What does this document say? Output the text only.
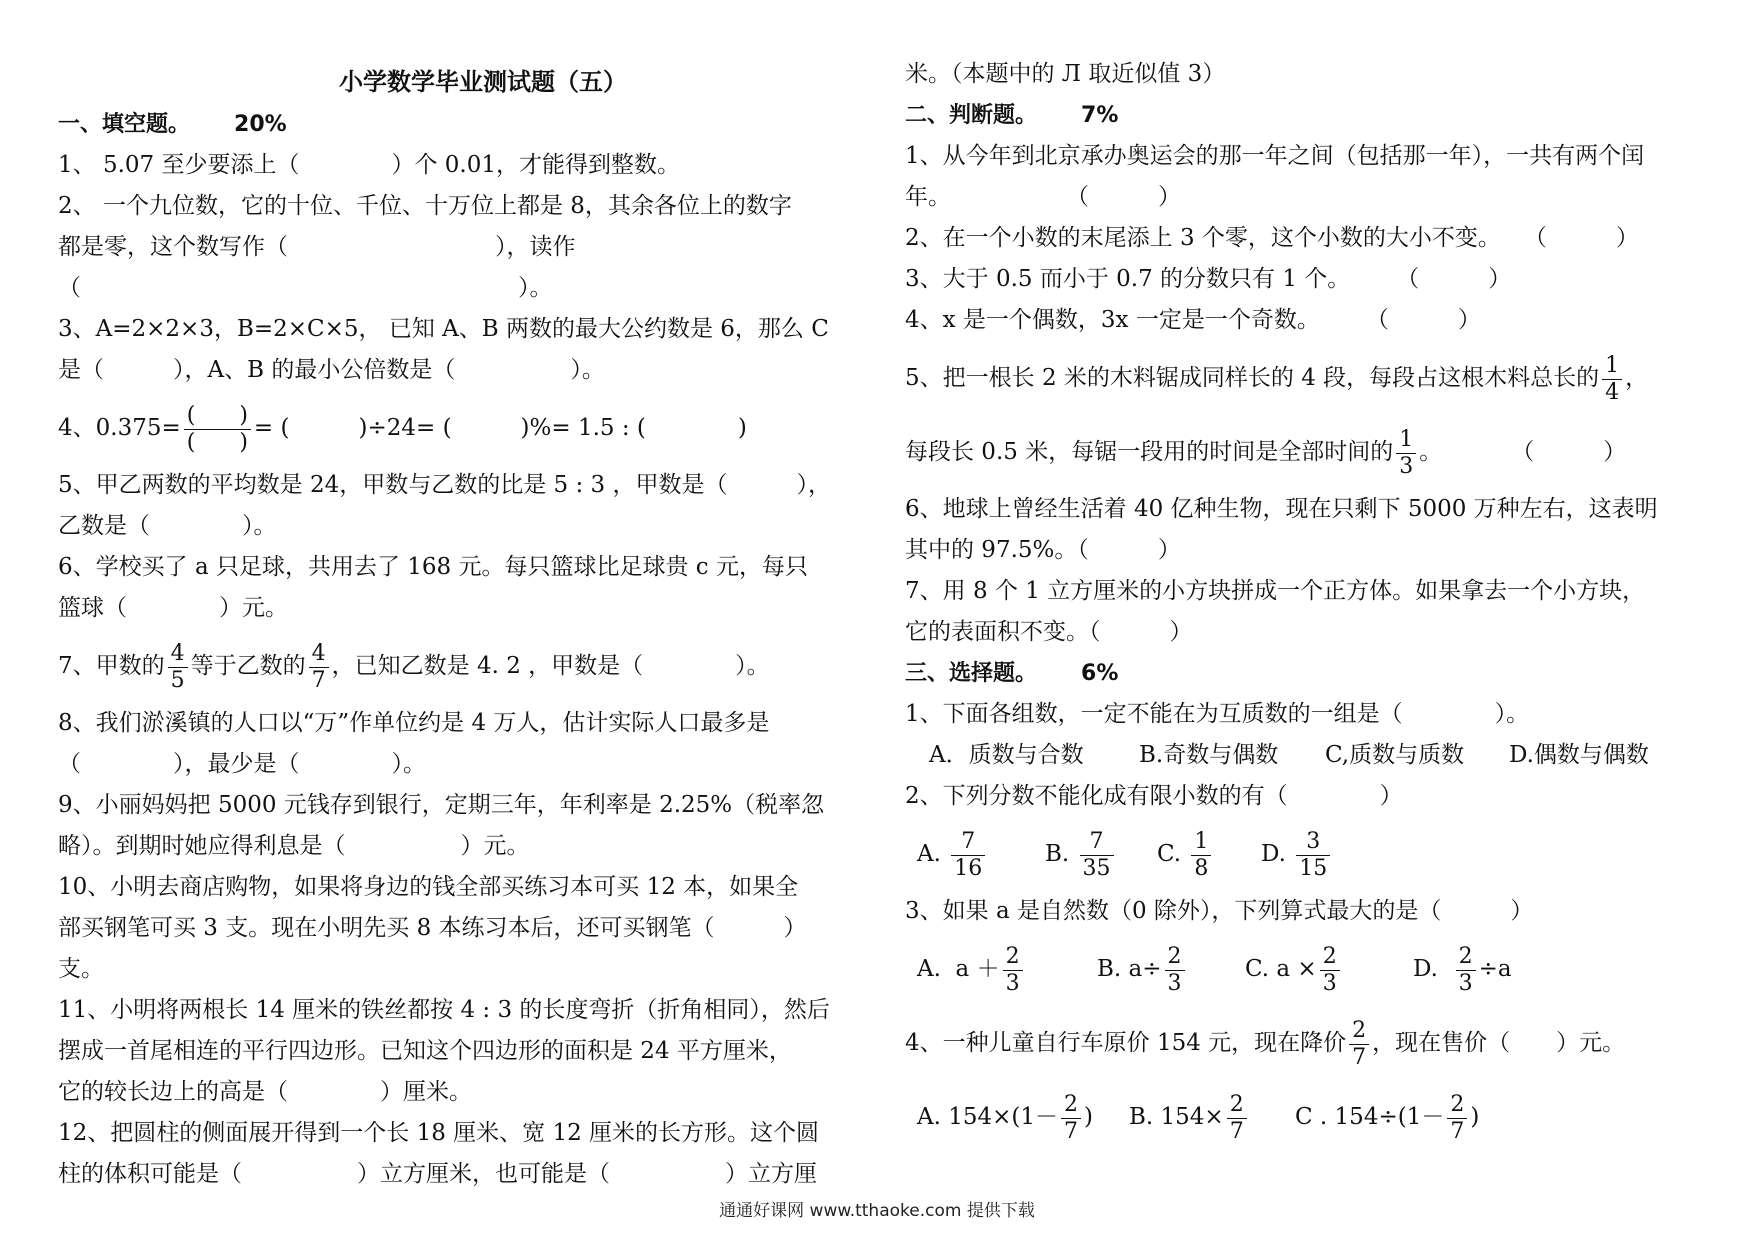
小学数学毕业测试题（五）
一、填空题。 20%
1、 5.07 至少要添上（　　　　）个 0.01，才能得到整数。
2、 一个九位数，它的十位、千位、十万位上都是 8，其余各位上的数字
都是零，这个数写作（　　　　　　　　　），读作
（　　　　　　　　　　　　　　　　　　　）。
3、A=2×2×3，B=2×C×5， 已知 A、B 两数的最大公约数是 6，那么 C
是（　　　），A、B 的最小公倍数是（　　　　　）。
4、$0.375= \frac{( )}{( )}$ = (　　　)÷24= (　　　)%= 1.5 : (　　　　)
5、甲乙两数的平均数是 24，甲数与乙数的比是 5 : 3 ，甲数是（　　　），
乙数是（　　　　）。
6、学校买了 a 只足球，共用去了 168 元。每只篮球比足球贵 c 元，每只
篮球（　　　　）元。
7、甲数的 $\frac{4}{5}$ 等于乙数的 $\frac{4}{7}$ ，已知乙数是 4. 2 ，甲数是（　　　　）。
8、我们淤溪镇的人口以“万”作单位约是 4 万人，估计实际人口最多是
（　　　　），最少是（　　　　）。
9、小丽妈妈把 5000 元钱存到银行，定期三年，年利率是 2.25%（税率忽
略）。到期时她应得利息是（　　　　　）元。
10、小明去商店购物，如果将身边的钱全部买练习本可买 12 本，如果全
部买钢笔可买 3 支。现在小明先买 8 本练习本后，还可买钢笔（　　　）
支。
11、小明将两根长 14 厘米的铁丝都按 4 : 3 的长度弯折（折角相同），然后
摆成一首尾相连的平行四边形。已知这个四边形的面积是 24 平方厘米，
它的较长边上的高是（　　　　）厘米。
12、把圆柱的侧面展开得到一个长 18 厘米、宽 12 厘米的长方形。这个圆
柱的体积可能是（　　　　　）立方厘米，也可能是（　　　　　）立方厘
米。（本题中的 Л 取近似值 3）
二、判断题。 7%
1、从今年到北京承办奥运会的那一年之间（包括那一年），一共有两个闰
年。　　　　　　（　　　）
2、在一个小数的末尾添上 3 个零，这个小数的大小不变。　　（　　　）
3、大于 0.5 而小于 0.7 的分数只有 1 个。　　　（　　　）
4、x 是一个偶数，3x 一定是一个奇数。　　　（　　　）
5、把一根长 2 米的木料锯成同样长的 4 段，每段占这根木料总长的 $\frac{1}{4}$ ，
每段长 0.5 米，每锯一段用的时间是全部时间的 $\frac{1}{3}$ 。　　　　（　　　）
6、地球上曾经生活着 40 亿种生物，现在只剩下 5000 万种左右，这表明
其中的 97.5%。（　　　）
7、用 8 个 1 立方厘米的小方块拼成一个正方体。如果拿去一个小方块，
它的表面积不变。（　　　）
三、选择题。 6%
1、下面各组数，一定不能在为互质数的一组是（　　　　）。
A．质数与合数 B.奇数与偶数 C,质数与质数 D.偶数与偶数
2、下列分数不能化成有限小数的有（　　　　）
A. $\frac{7}{16}$	B. $\frac{7}{35} C$. $\frac{1}{8} D$. $\frac{3}{15}$
3、如果 a 是自然数（0 除外），下列算式最大的是（　　　）
A. $a + \frac{2}{3}$	B. $a\div \frac{2}{3}$	C. $a \times \frac{2}{3}$	D. $\frac{2}{3} \div a$
4、一种儿童自行车原价 154 元，现在降价 $\frac{2}{7}$ ，现在售价（　　）元。
A. $154\times(1- \frac{2}{7}$ ) B. $154\times \frac{2}{7}$ C . $154\div(1- \frac{2}{7}$ )
通通好课网 www.tthaoke.com 提供下载
